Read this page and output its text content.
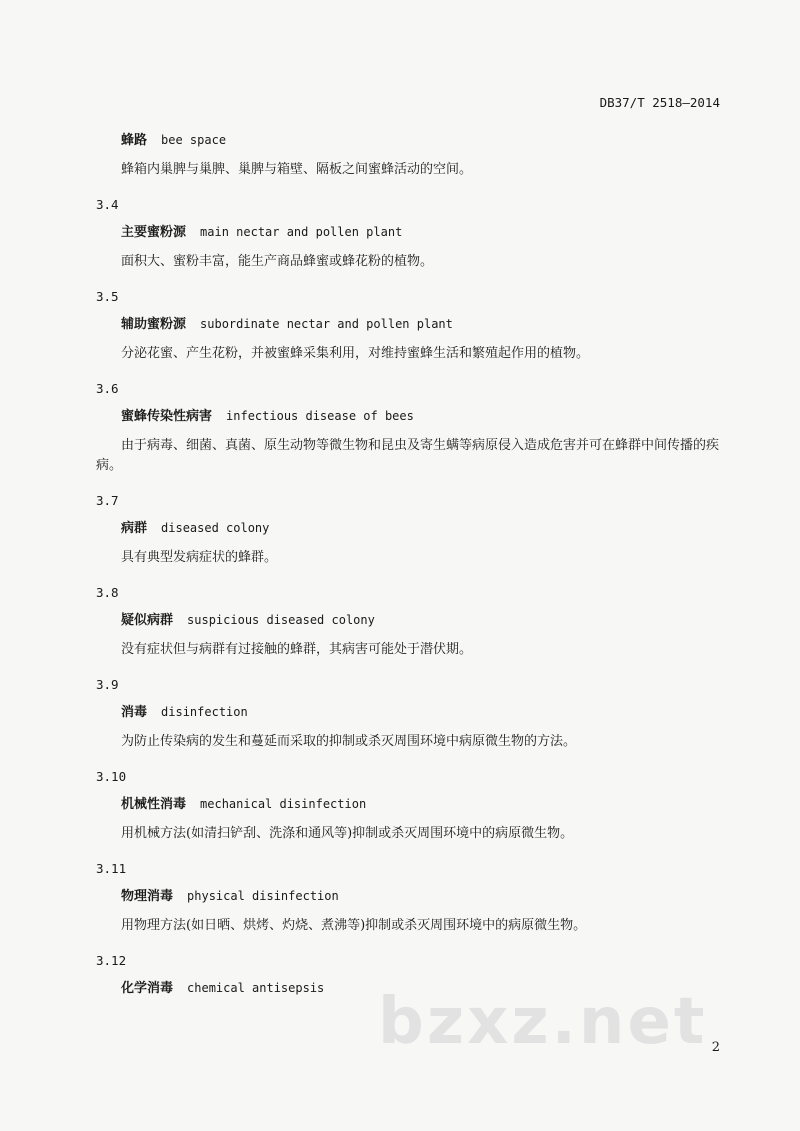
DB37/T 2518—2014
蜂路 bee space
蜂箱内巢脾与巢脾、巢脾与箱壁、隔板之间蜜蜂活动的空间。
3.4
主要蜜粉源 main nectar and pollen plant
面积大、蜜粉丰富，能生产商品蜂蜜或蜂花粉的植物。
3.5
辅助蜜粉源 subordinate nectar and pollen plant
分泌花蜜、产生花粉，并被蜜蜂采集利用，对维持蜜蜂生活和繁殖起作用的植物。
3.6
蜜蜂传染性病害 infectious disease of bees
由于病毒、细菌、真菌、原生动物等微生物和昆虫及寄生螨等病原侵入造成危害并可在蜂群中间传播的疾病。
3.7
病群 diseased colony
具有典型发病症状的蜂群。
3.8
疑似病群 suspicious diseased colony
没有症状但与病群有过接触的蜂群，其病害可能处于潜伏期。
3.9
消毒 disinfection
为防止传染病的发生和蔓延而采取的抑制或杀灭周围环境中病原微生物的方法。
3.10
机械性消毒 mechanical disinfection
用机械方法(如清扫铲刮、洗涤和通风等)抑制或杀灭周围环境中的病原微生物。
3.11
物理消毒 physical disinfection
用物理方法(如日晒、烘烤、灼烧、煮沸等)抑制或杀灭周围环境中的病原微生物。
3.12
化学消毒 chemical antisepsis bzxz.net 2
